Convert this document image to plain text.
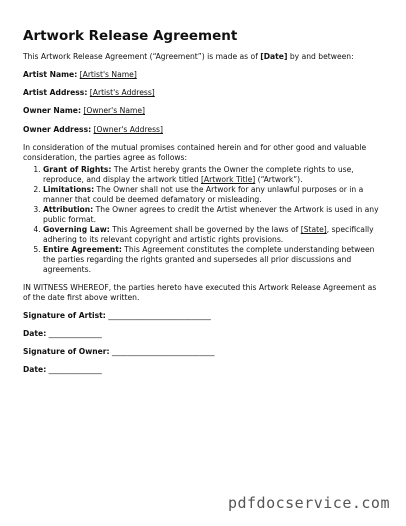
Artwork Release Agreement

This Artwork Release Agreement (“Agreement”) is made as of [Date] by and between:

Artist Name: [Artist's Name]

Artist Address: [Artist's Address]

Owner Name: [Owner's Name]

Owner Address: [Owner's Address]

In consideration of the mutual promises contained herein and for other good and valuable consideration, the parties agree as follows:

1. Grant of Rights: The Artist hereby grants the Owner the complete rights to use, reproduce, and display the artwork titled [Artwork Title] (“Artwork”).
2. Limitations: The Owner shall not use the Artwork for any unlawful purposes or in a manner that could be deemed defamatory or misleading.
3. Attribution: The Owner agrees to credit the Artist whenever the Artwork is used in any public format.
4. Governing Law: This Agreement shall be governed by the laws of [State], specifically adhering to its relevant copyright and artistic rights provisions.
5. Entire Agreement: This Agreement constitutes the complete understanding between the parties regarding the rights granted and supersedes all prior discussions and agreements.

IN WITNESS WHEREOF, the parties hereto have executed this Artwork Release Agreement as of the date first above written.

Signature of Artist: ___________________________

Date: ______________

Signature of Owner: ___________________________

Date: ______________

pdfdocservice.com
